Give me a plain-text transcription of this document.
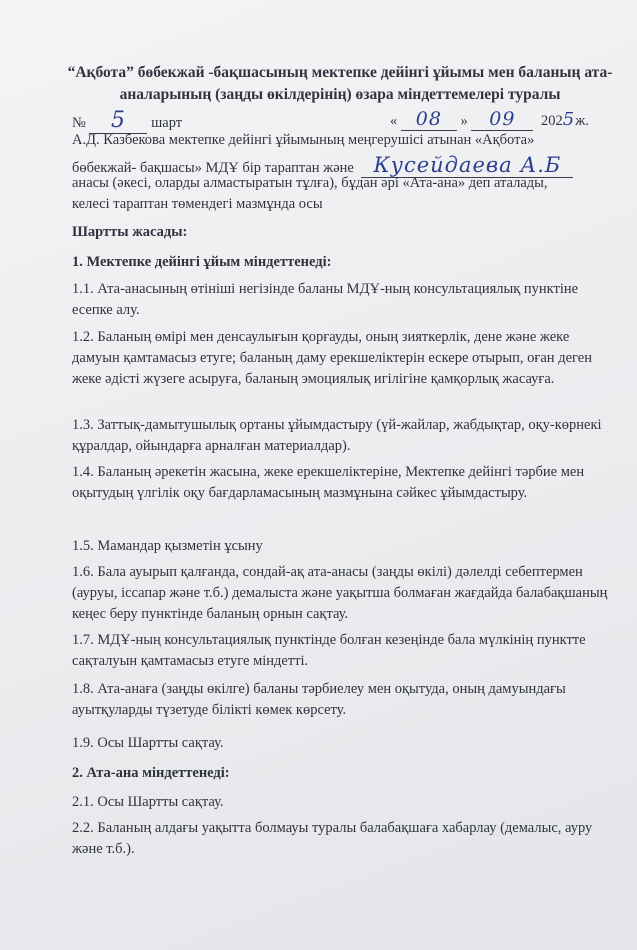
“Ақбота” бөбекжай -бақшасының мектепке дейінгі ұйымы мен баланың ата- аналарының (заңды өкілдерінің) өзара міндеттемелері туралы
№ 5 шарт	« 08 » 09 2025ж.
А.Д. Казбекова мектепке дейінгі ұйымының меңгерушісі атынан «Ақбота»
бөбекжай- бақшасы» МДҰ бір тараптан және Кусейдаева А.Б
анасы (әкесі, оларды алмастыратын тұлға), бұдан әрі «Ата-ана» деп аталады,
келесі тараптан төмендегі мазмұнда осы
Шартты жасады:
1. Мектепке дейінгі ұйым міндеттенеді:

1.1. Ата-анасының өтініші негізінде баланы МДҰ-ның консультациялық пунктіне есепке алу.

1.2. Баланың өмірі мен денсаулығын қорғауды, оның зияткерлік, дене және жеке дамуын қамтамасыз етуге; баланың даму ерекшеліктерін ескере отырып, оған деген жеке әдісті жүзеге асыруға, баланың эмоциялық игілігіне қамқорлық жасауға.

1.3. Заттық-дамытушылық ортаны ұйымдастыру (үй-жайлар, жабдықтар, оқу-көрнекі құралдар, ойындарға арналған материалдар).

1.4. Баланың әрекетін жасына, жеке ерекшеліктеріне, Мектепке дейінгі тәрбие мен оқытудың үлгілік оқу бағдарламасының мазмұнына сәйкес ұйымдастыру.

1.5. Мамандар қызметін ұсыну

1.6. Бала ауырып қалғанда, сондай-ақ ата-анасы (заңды өкілі) дәлелді себептермен (ауруы, іссапар және т.б.) демалыста және уақытша болмаған жағдайда балабақшаның кеңес беру пунктінде баланың орнын сақтау.

1.7. МДҰ-ның консультациялық пунктінде болған кезеңінде бала мүлкінің пунктте сақталуын қамтамасыз етуге міндетті.

1.8. Ата-анаға (заңды өкілге) баланы тәрбиелеу мен оқытуда, оның дамуындағы ауытқуларды түзетуде білікті көмек көрсету.

1.9. Осы Шартты сақтау.

2. Ата-ана міндеттенеді:

2.1. Осы Шартты сақтау.

2.2. Баланың алдағы уақытта болмауы туралы балабақшаға хабарлау (демалыс, ауру және т.б.).
